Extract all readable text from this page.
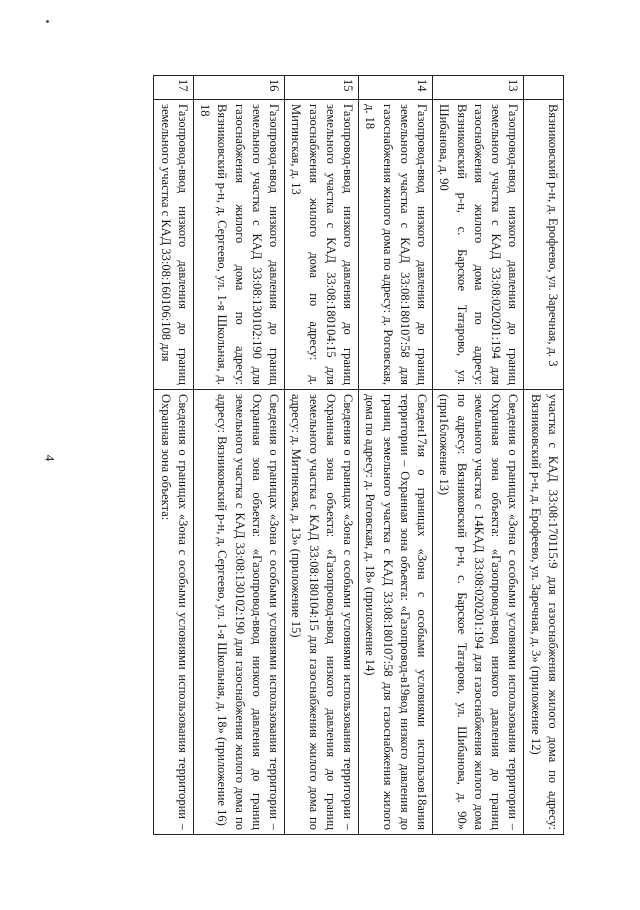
	Вязниковский р-н, д. Ерофеево, ул. Заречная, д. 3	участка с КАД 33:08:170115:9 для газоснабжения жилого дома по адресу: Вязниковский р-н, д. Ерофеево, ул. Заречная, д. 3» (приложение 12)
13	Газопровод-ввод низкого давления до границ земельного участка с КАД 33:08:020201:194 для газоснабжения жилого дома по адресу: Вязниковский р-н, с. Барское Татарово, ул. Шибанова, д. 90	Сведения о границах «Зона с особыми условиями использования территории – Охранная зона объекта: «Газопровод-ввод низкого давления до границ земельного участка с 14КАД 33:08:020201:194 для газоснабжения жилого дома по адресу: Вязниковский р-н, с. Барское Татарово, ул. Шибанова, д. 90» (при16ложение 13)
14	Газопровод-ввод низкого давления до границ земельного участка с КАД 33:08:180107:58 для газоснабжения жилого дома по адресу: д. Роговская, д. 18	Сведен17ия о границах «Зона с особыми условиями использов18ания территории – Охранная зона объекта: «Газопровод-в19вод низкого давления до границ земельного участка с КАД 33:08:180107:58 для газоснабжения жилого дома по адресу: д. Роговская, д. 18» (приложение 14)
15	Газопровод-ввод низкого давления до границ земельного участка с КАД 33:08:180104:15 для газоснабжения жилого дома по адресу: д. Митинская, д. 13	Сведения о границах «Зона с особыми условиями использования территории – Охранная зона объекта: «Газопровод-ввод низкого давления до границ земельного участка с КАД 33:08:180104:15 для газоснабжения жилого дома по адресу: д. Митинская, д. 13» (приложение 15)
16	Газопровод-ввод низкого давления до границ земельного участка с КАД 33:08:130102:190 для газоснабжения жилого дома по адресу: Вязниковский р-н, д. Сергеево, ул. 1-я Школьная, д. 18	Сведения о границах «Зона с особыми условиями использования территории – Охранная зона объекта: «Газопровод-ввод низкого давления до границ земельного участка с КАД 33:08:130102:190 для газоснабжения жилого дома по адресу: Вязниковский р-н, д. Сергеево, ул. 1-я Школьная, д. 18» (приложение 16)
17	Газопровод-ввод низкого давления до границ земельного участка с КАД 33:08:160106:108 для	Сведения о границах «Зона с особыми условиями использования территории – Охранная зона объекта:
4
